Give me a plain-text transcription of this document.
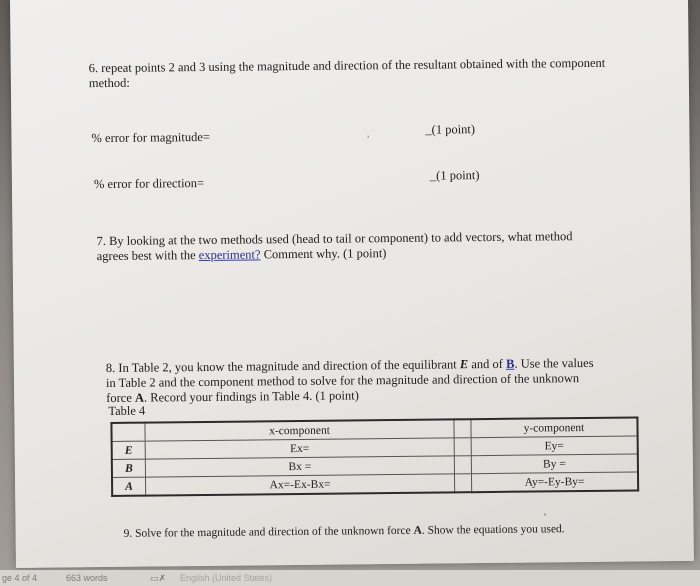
6. repeat points 2 and 3 using the magnitude and direction of the resultant obtained with the component method:
% error for magnitude=	’
_(1 point)
% error for direction=
_(1 point)
7. By looking at the two methods used (head to tail or component) to add vectors, what method agrees best with the experiment? Comment why. (1 point)
8. In Table 2, you know the magnitude and direction of the equilibrant E and of B. Use the values in Table 2 and the component method to solve for the magnitude and direction of the unknown force A. Record your findings in Table 4. (1 point)
Table 4
	x-component		y-component
E	Ex=		Ey=
B	Bx =		By =
A	Ax=-Ex-Bx=		Ay=-Ey-By=
•
9. Solve for the magnitude and direction of the unknown force A. Show the equations you used.
ge 4 of 4	663 words	▭✗ English (United States)
